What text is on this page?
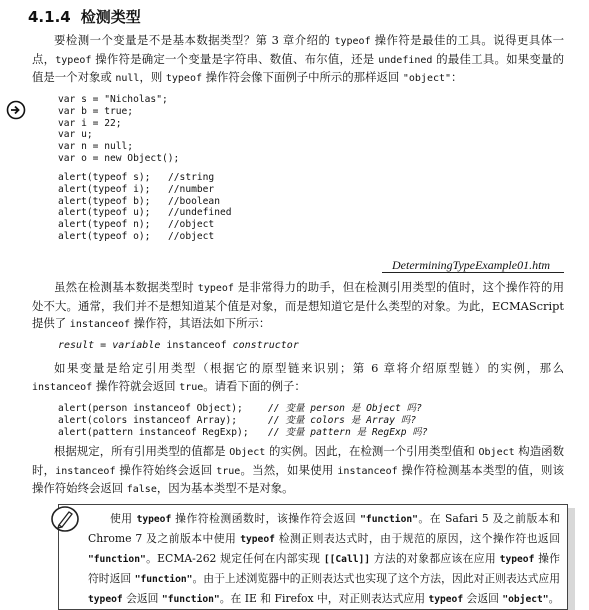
4.1.4 检测类型

要检测一个变量是不是基本数据类型？第 3 章介绍的 typeof 操作符是最佳的工具。说得更具体一点，typeof 操作符是确定一个变量是字符串、数值、布尔值，还是 undefined 的最佳工具。如果变量的值是一个对象或 null，则 typeof 操作符会像下面例子中所示的那样返回 "object"：

var s = "Nicholas";
var b = true;
var i = 22;
var u;
var n = null;
var o = new Object();
alert(typeof s); //string
alert(typeof i); //number
alert(typeof b); //boolean
alert(typeof u); //undefined
alert(typeof n); //object
alert(typeof o); //object
DeterminingTypeExample01.htm

虽然在检测基本数据类型时 typeof 是非常得力的助手，但在检测引用类型的值时，这个操作符的用处不大。通常，我们并不是想知道某个值是对象，而是想知道它是什么类型的对象。为此，ECMAScript 提供了 instanceof 操作符，其语法如下所示：

result = variable instanceof constructor

如果变量是给定引用类型（根据它的原型链来识别；第 6 章将介绍原型链）的实例，那么 instanceof 操作符就会返回 true。请看下面的例子：

alert(person instanceof Object);	// 变量 person 是 Object 吗?
alert(colors instanceof Array);	// 变量 colors 是 Array 吗?
alert(pattern instanceof RegExp); // 变量 pattern 是 RegExp 吗?

根据规定，所有引用类型的值都是 Object 的实例。因此，在检测一个引用类型值和 Object 构造函数时，instanceof 操作符始终会返回 true。当然，如果使用 instanceof 操作符检测基本类型的值，则该操作符始终会返回 false，因为基本类型不是对象。

使用 typeof 操作符检测函数时，该操作符会返回 "function"。在 Safari 5 及之前版本和 Chrome 7 及之前版本中使用 typeof 检测正则表达式时，由于规范的原因，这个操作符也返回 "function"。ECMA-262 规定任何在内部实现 [[Call]] 方法的对象都应该在应用 typeof 操作符时返回 "function"。由于上述浏览器中的正则表达式也实现了这个方法，因此对正则表达式应用 typeof 会返回 "function"。在 IE 和 Firefox 中，对正则表达式应用 typeof 会返回 "object"。
